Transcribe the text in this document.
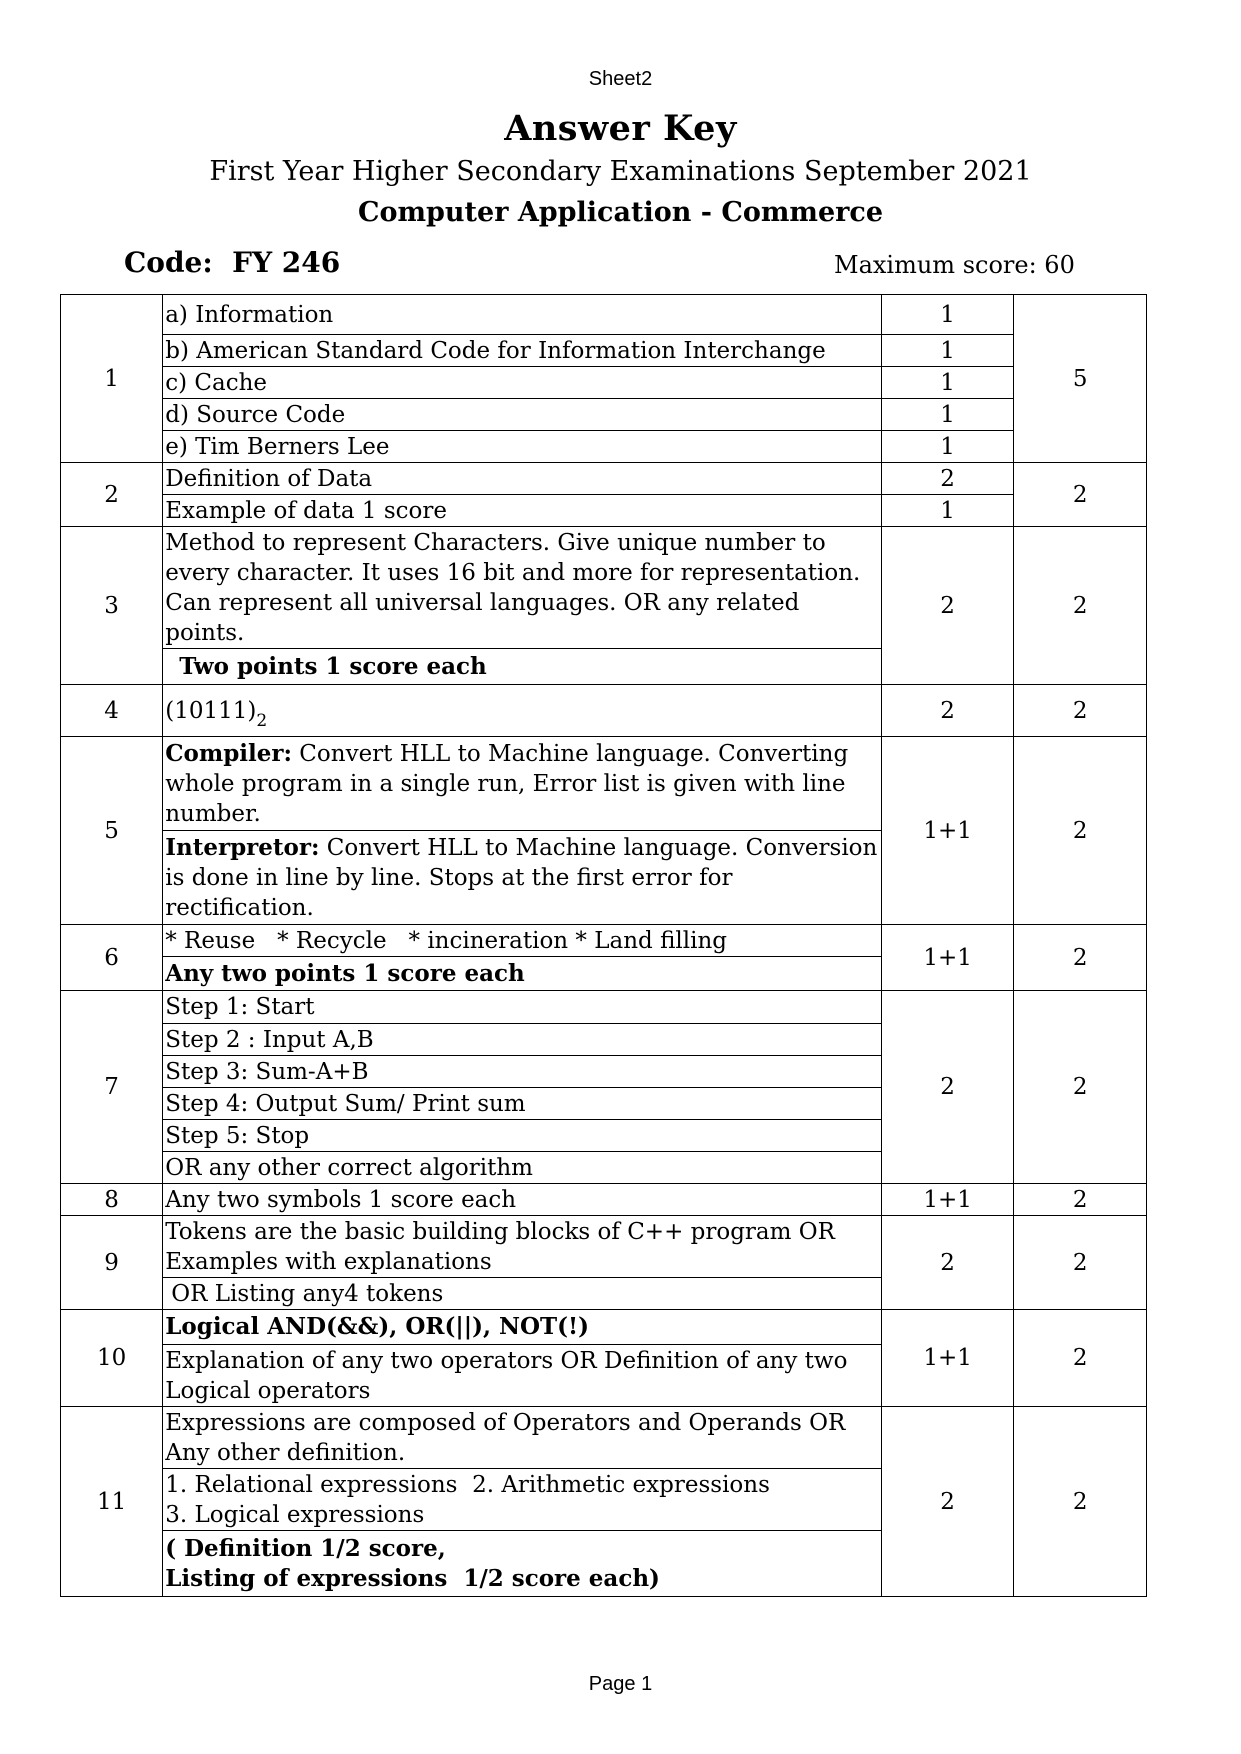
Sheet2
Answer Key
First Year Higher Secondary Examinations September 2021
Computer Application - Commerce
Code:  FY 246	Maximum score: 60
1	a) Information	1	5
	b) American Standard Code for Information Interchange	1	
	c) Cache	1	
	d) Source Code	1	
	e) Tim Berners Lee	1	
2	Definition of Data	2	2
	Example of data 1 score	1	
3	Method to represent Characters. Give unique number to every character. It uses 16 bit and more for representation. Can represent all universal languages. OR any related points.	2	2
	Two points 1 score each		
4	$(10111)_2$	2	2
5	Compiler: Convert HLL to Machine language. Converting whole program in a single run, Error list is given with line number.	1+1	2
	Interpretor: Convert HLL to Machine language. Conversion is done in line by line. Stops at the first error for rectification.		
6	* Reuse   * Recycle   * incineration * Land filling	1+1	2
	Any two points 1 score each		
7	Step 1: Start	2	2
	Step 2 : Input A,B		
	Step 3: Sum-A+B		
	Step 4: Output Sum/ Print sum		
	Step 5: Stop		
	OR any other correct algorithm		
8	Any two symbols 1 score each	1+1	2
9	Tokens are the basic building blocks of C++ program OR Examples with explanations	2	2
	OR Listing any4 tokens		
10	Logical AND(&&), OR(||), NOT(!)	1+1	2
	Explanation of any two operators OR Definition of any two Logical operators		
11	Expressions are composed of Operators and Operands OR Any other definition.	2	2

	1. Relational expressions  2. Arithmetic expressions
3. Logical expressions		

	( Definition 1/2 score,
Listing of expressions  1/2 score each)		
Page 1
